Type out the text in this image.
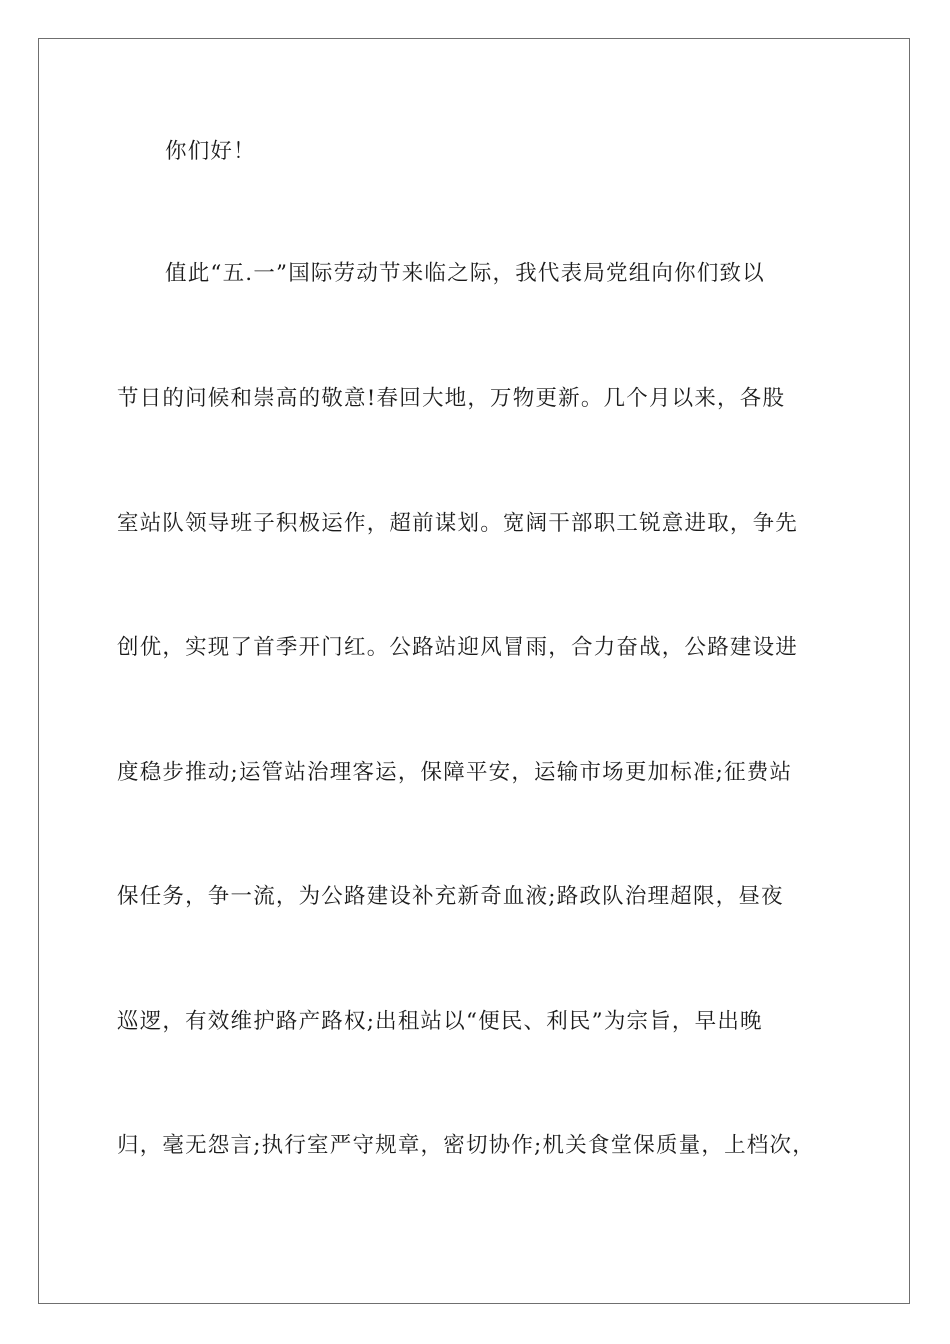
你们好！
值此“五.一”国际劳动节来临之际，我代表局党组向你们致以
节日的问候和崇高的敬意!春回大地，万物更新。几个月以来，各股
室站队领导班子积极运作，超前谋划。宽阔干部职工锐意进取，争先
创优，实现了首季开门红。公路站迎风冒雨，合力奋战，公路建设进
度稳步推动;运管站治理客运，保障平安，运输市场更加标准;征费站
保任务，争一流，为公路建设补充新奇血液;路政队治理超限，昼夜
巡逻，有效维护路产路权;出租站以“便民、利民”为宗旨，早出晚
归，毫无怨言;执行室严守规章，密切协作;机关食堂保质量，上档次，
